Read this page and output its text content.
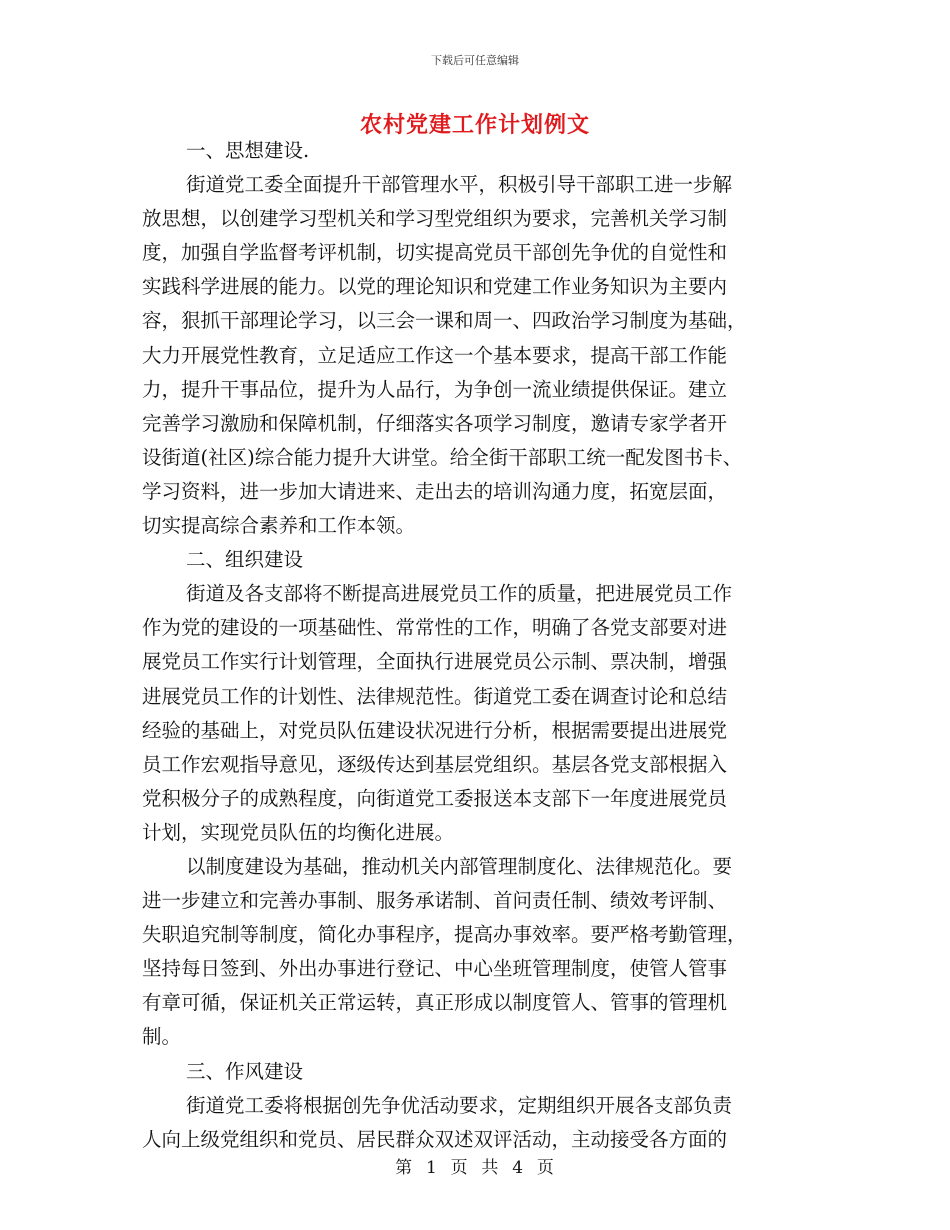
下载后可任意编辑
农村党建工作计划例文
一、思想建设.
街道党工委全面提升干部管理水平，积极引导干部职工进一步解
放思想，以创建学习型机关和学习型党组织为要求，完善机关学习制
度，加强自学监督考评机制，切实提高党员干部创先争优的自觉性和
实践科学进展的能力。以党的理论知识和党建工作业务知识为主要内
容，狠抓干部理论学习，以三会一课和周一、四政治学习制度为基础，
大力开展党性教育，立足适应工作这一个基本要求，提高干部工作能
力，提升干事品位，提升为人品行，为争创一流业绩提供保证。建立
完善学习激励和保障机制，仔细落实各项学习制度，邀请专家学者开
设街道(社区)综合能力提升大讲堂。给全街干部职工统一配发图书卡、
学习资料，进一步加大请进来、走出去的培训沟通力度，拓宽层面，
切实提高综合素养和工作本领。
二、组织建设
街道及各支部将不断提高进展党员工作的质量，把进展党员工作
作为党的建设的一项基础性、常常性的工作，明确了各党支部要对进
展党员工作实行计划管理，全面执行进展党员公示制、票决制，增强
进展党员工作的计划性、法律规范性。街道党工委在调查讨论和总结
经验的基础上，对党员队伍建设状况进行分析，根据需要提出进展党
员工作宏观指导意见，逐级传达到基层党组织。基层各党支部根据入
党积极分子的成熟程度，向街道党工委报送本支部下一年度进展党员
计划，实现党员队伍的均衡化进展。
以制度建设为基础，推动机关内部管理制度化、法律规范化。要
进一步建立和完善办事制、服务承诺制、首问责任制、绩效考评制、
失职追究制等制度，简化办事程序，提高办事效率。要严格考勤管理，
坚持每日签到、外出办事进行登记、中心坐班管理制度，使管人管事
有章可循，保证机关正常运转，真正形成以制度管人、管事的管理机
制。
三、作风建设
街道党工委将根据创先争优活动要求，定期组织开展各支部负责
人向上级党组织和党员、居民群众双述双评活动，主动接受各方面的
第 1 页 共 4 页
